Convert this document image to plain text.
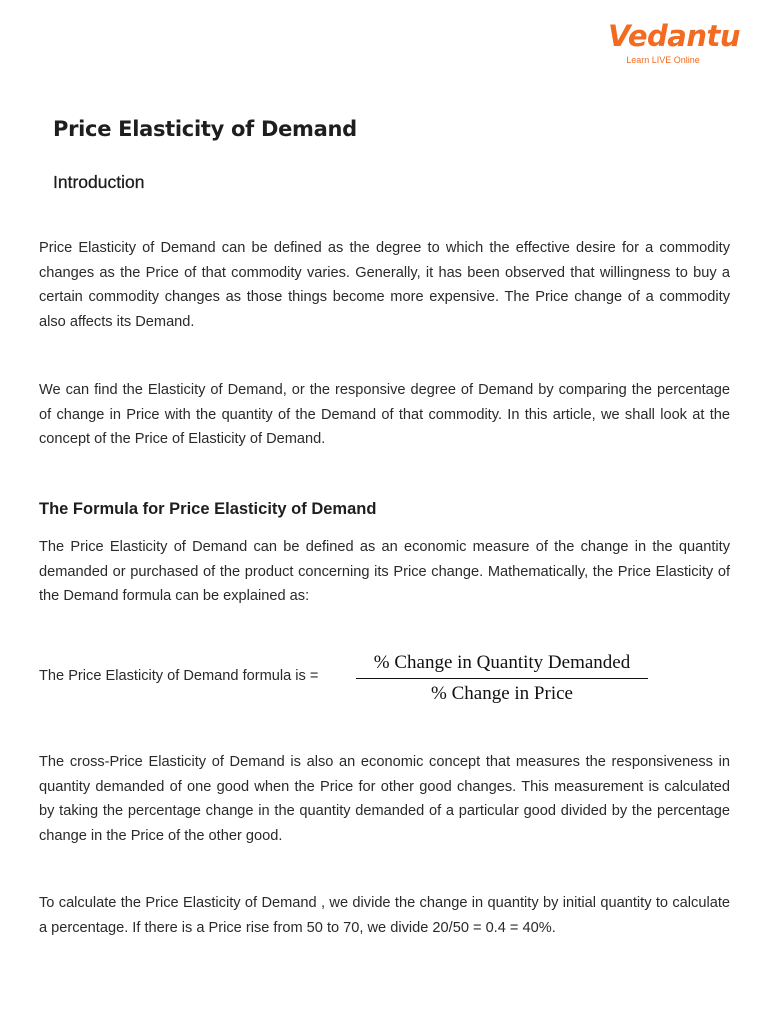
Vedantu
Learn LIVE Online
Price Elasticity of Demand
Introduction

Price Elasticity of Demand can be defined as the degree to which the effective desire for a commodity changes as the Price of that commodity varies. Generally, it has been observed that willingness to buy a certain commodity changes as those things become more expensive. The Price change of a commodity also affects its Demand.

We can find the Elasticity of Demand, or the responsive degree of Demand by comparing the percentage of change in Price with the quantity of the Demand of that commodity. In this article, we shall look at the concept of the Price of Elasticity of Demand.

The Formula for Price Elasticity of Demand

The Price Elasticity of Demand can be defined as an economic measure of the change in the quantity demanded or purchased of the product concerning its Price change. Mathematically, the Price Elasticity of the Demand formula can be explained as:

The Price Elasticity of Demand formula is =
% Change in Quantity Demanded
% Change in Price

The cross-Price Elasticity of Demand is also an economic concept that measures the responsiveness in quantity demanded of one good when the Price for other good changes. This measurement is calculated by taking the percentage change in the quantity demanded of a particular good divided by the percentage change in the Price of the other good.

To calculate the Price Elasticity of Demand , we divide the change in quantity by initial quantity to calculate a percentage. If there is a Price rise from 50 to 70, we divide 20/50 = 0.4 = 40%.
